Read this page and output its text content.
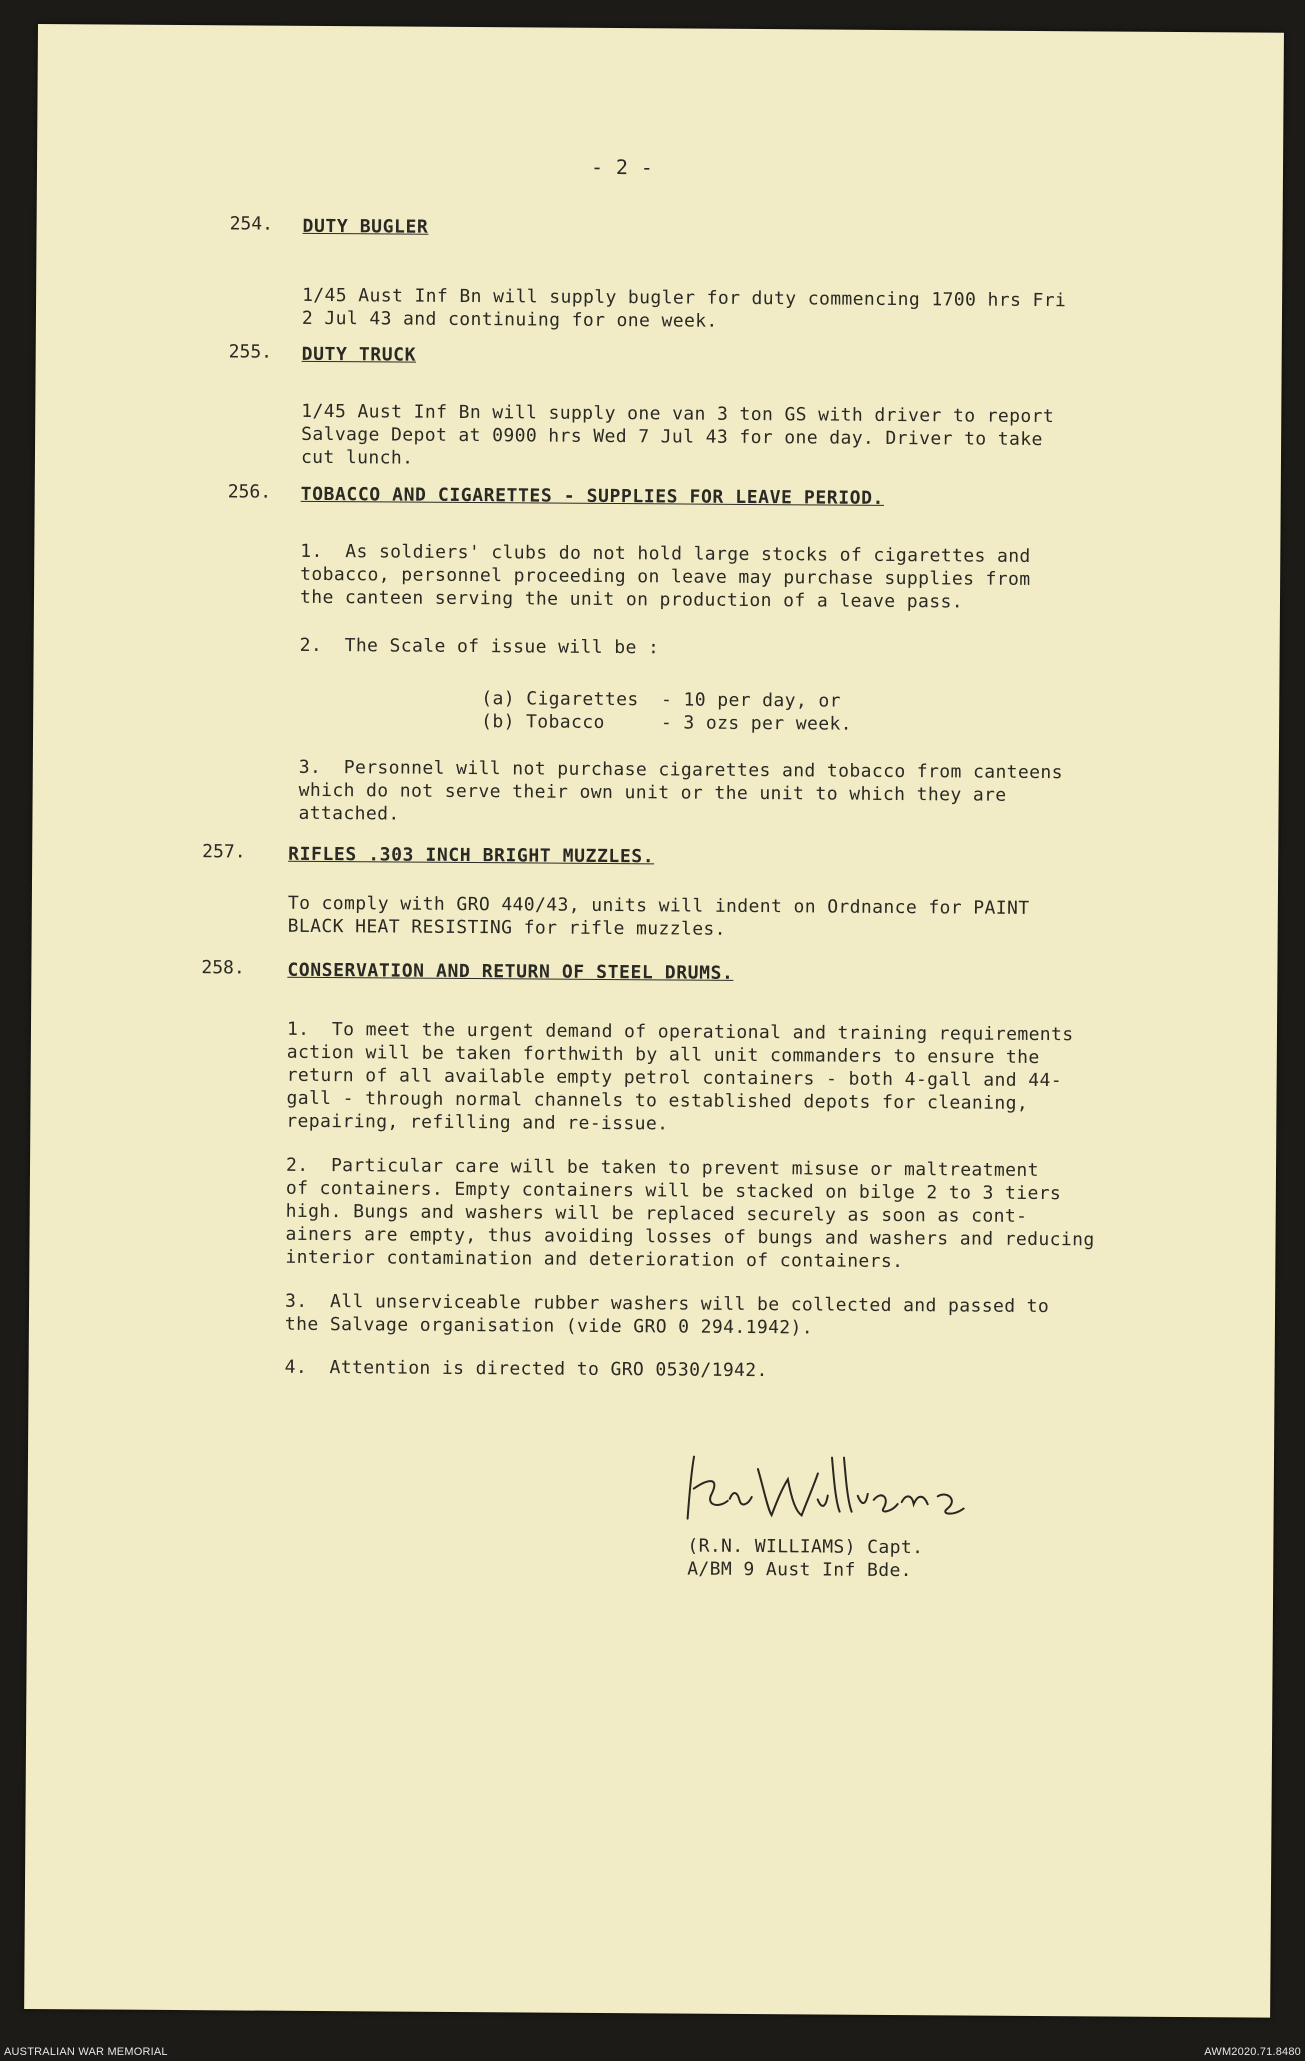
- 2 -
254. DUTY BUGLER
1/45 Aust Inf Bn will supply bugler for duty commencing 1700 hrs Fri
2 Jul 43 and continuing for one week.
255. DUTY TRUCK
1/45 Aust Inf Bn will supply one van 3 ton GS with driver to report
Salvage Depot at 0900 hrs Wed 7 Jul 43 for one day. Driver to take
cut lunch.
256. TOBACCO AND CIGARETTES - SUPPLIES FOR LEAVE PERIOD.
1.  As soldiers' clubs do not hold large stocks of cigarettes and
tobacco, personnel proceeding on leave may purchase supplies from
the canteen serving the unit on production of a leave pass.
2.  The Scale of issue will be :
(a) Cigarettes  - 10 per day, or
(b) Tobacco     - 3 ozs per week.
3.  Personnel will not purchase cigarettes and tobacco from canteens
which do not serve their own unit or the unit to which they are
attached.
257. RIFLES .303 INCH BRIGHT MUZZLES.
To comply with GRO 440/43, units will indent on Ordnance for PAINT
BLACK HEAT RESISTING for rifle muzzles.
258. CONSERVATION AND RETURN OF STEEL DRUMS.
1.  To meet the urgent demand of operational and training requirements
action will be taken forthwith by all unit commanders to ensure the
return of all available empty petrol containers - both 4-gall and 44-
gall - through normal channels to established depots for cleaning,
repairing, refilling and re-issue.
2.  Particular care will be taken to prevent misuse or maltreatment
of containers. Empty containers will be stacked on bilge 2 to 3 tiers
high. Bungs and washers will be replaced securely as soon as cont-
ainers are empty, thus avoiding losses of bungs and washers and reducing
interior contamination and deterioration of containers.
3.  All unserviceable rubber washers will be collected and passed to
the Salvage organisation (vide GRO 0 294.1942).
4.  Attention is directed to GRO 0530/1942.
(R.N. WILLIAMS) Capt.
A/BM 9 Aust Inf Bde.
AUSTRALIAN WAR MEMORIAL	AWM2020.71.8480
